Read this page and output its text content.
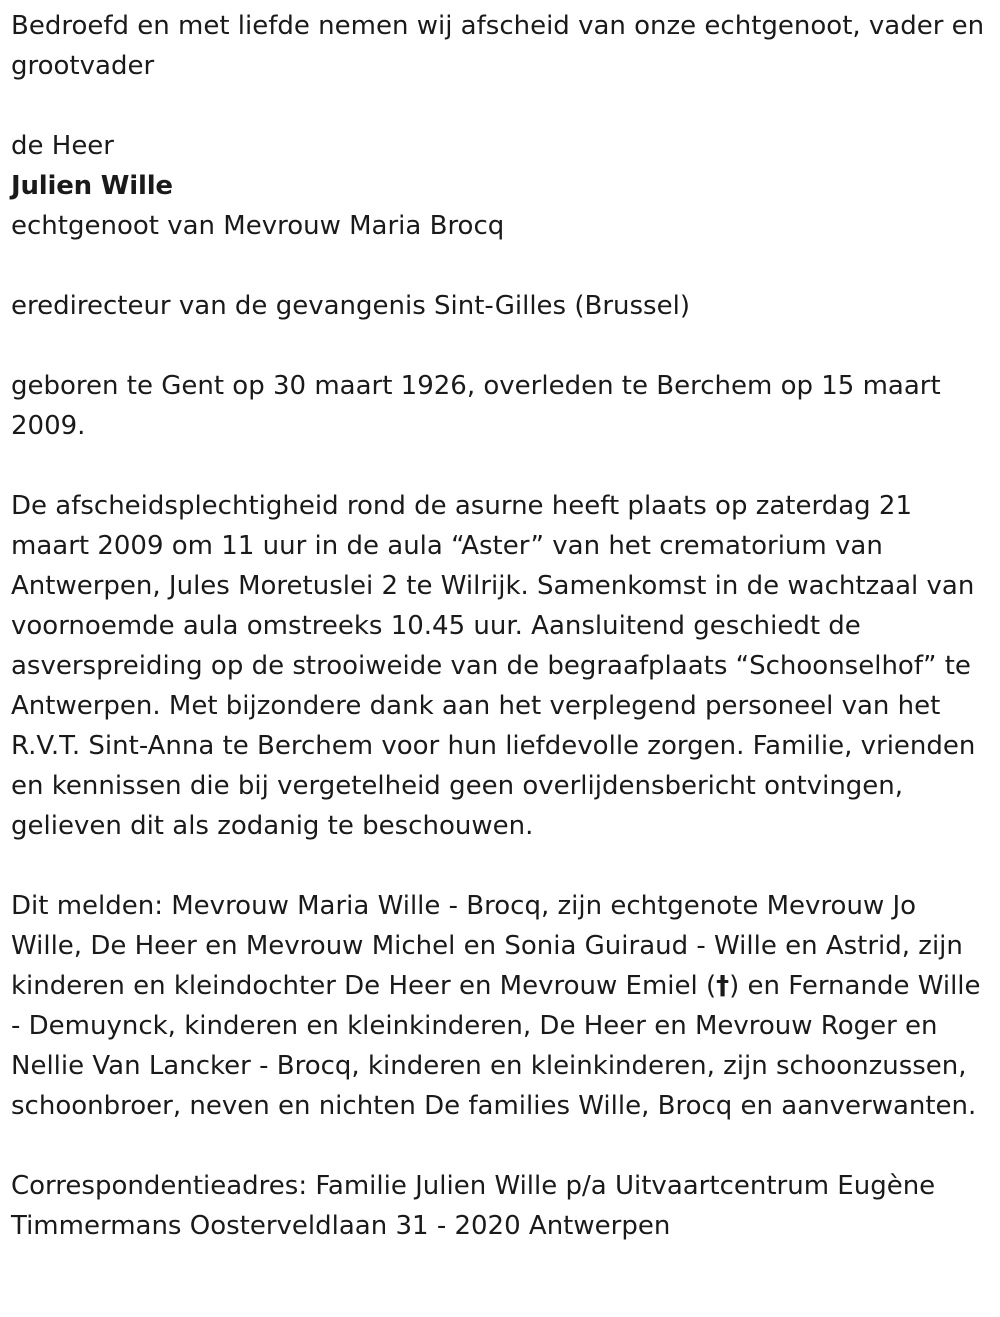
Bedroefd en met liefde nemen wij afscheid van onze echtgenoot, vader en grootvader

de Heer

Julien Wille

echtgenoot van Mevrouw Maria Brocq

eredirecteur van de gevangenis Sint-Gilles (Brussel)

geboren te Gent op 30 maart 1926, overleden te Berchem op 15 maart 2009.

De afscheidsplechtigheid rond de asurne heeft plaats op zaterdag 21 maart 2009 om 11 uur in de aula “Aster” van het crematorium van Antwerpen, Jules Moretuslei 2 te Wilrijk. Samenkomst in de wachtzaal van voornoemde aula omstreeks 10.45 uur. Aansluitend geschiedt de asverspreiding op de strooiweide van de begraafplaats “Schoonselhof” te Antwerpen. Met bijzondere dank aan het verplegend personeel van het R.V.T. Sint-Anna te Berchem voor hun liefdevolle zorgen. Familie, vrienden en kennissen die bij vergetelheid geen overlijdensbericht ontvingen, gelieven dit als zodanig te beschouwen.

Dit melden: Mevrouw Maria Wille - Brocq, zijn echtgenote Mevrouw Jo Wille, De Heer en Mevrouw Michel en Sonia Guiraud - Wille en Astrid, zijn kinderen en kleindochter De Heer en Mevrouw Emiel (†) en Fernande Wille - Demuynck, kinderen en kleinkinderen, De Heer en Mevrouw Roger en Nellie Van Lancker - Brocq, kinderen en kleinkinderen, zijn schoonzussen, schoonbroer, neven en nichten De families Wille, Brocq en aanverwanten.

Correspondentieadres: Familie Julien Wille p/a Uitvaartcentrum Eugène Timmermans Oosterveldlaan 31 - 2020 Antwerpen
